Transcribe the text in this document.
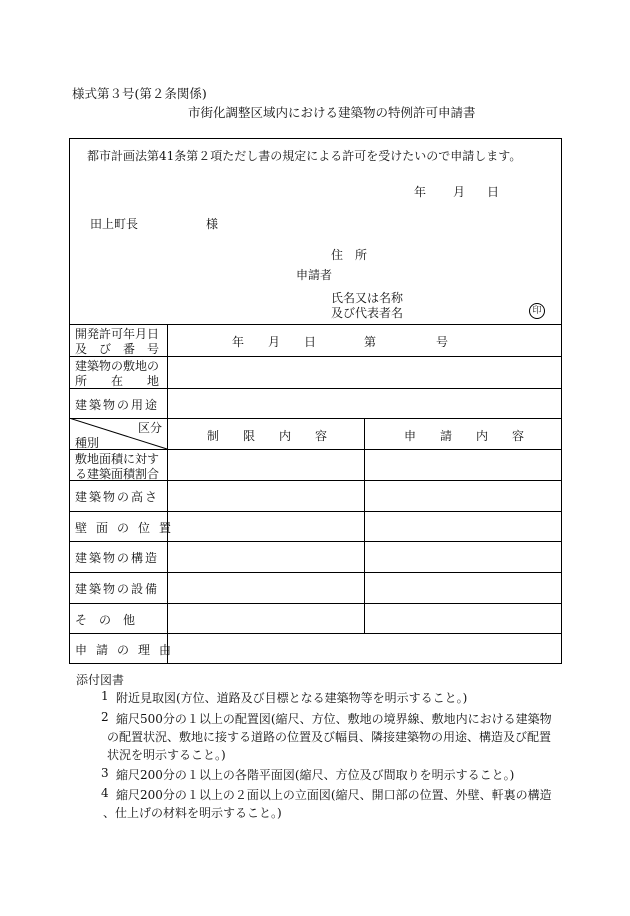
様式第３号(第２条関係)
市街化調整区域内における建築物の特例許可申請書
都市計画法第41条第２項ただし書の規定による許可を受けたいので申請します。
年 月 日
田上町長	様
住　所
申請者
氏名又は名称
及び代表者名	印
開発許可年月日
及　び　番　号	年 月 日	第	号
建築物の敷地の
所　　在　　地
建築物の用途
区分
種別	制　　限　　内　　容	申　　請　　内　　容
敷地面積に対す
る建築面積割合
建築物の高さ
壁面の位置
建築物の構造
建築物の設備
そ　の　他
申請の理由
添付図書
1 附近見取図(方位、道路及び目標となる建築物等を明示すること。)
2 縮尺500分の１以上の配置図(縮尺、方位、敷地の境界線、敷地内における建築物
の配置状況、敷地に接する道路の位置及び幅員、隣接建築物の用途、構造及び配置
状況を明示すること。)
3 縮尺200分の１以上の各階平面図(縮尺、方位及び間取りを明示すること。)
4 縮尺200分の１以上の２面以上の立面図(縮尺、開口部の位置、外壁、軒裏の構造
、仕上げの材料を明示すること。)
